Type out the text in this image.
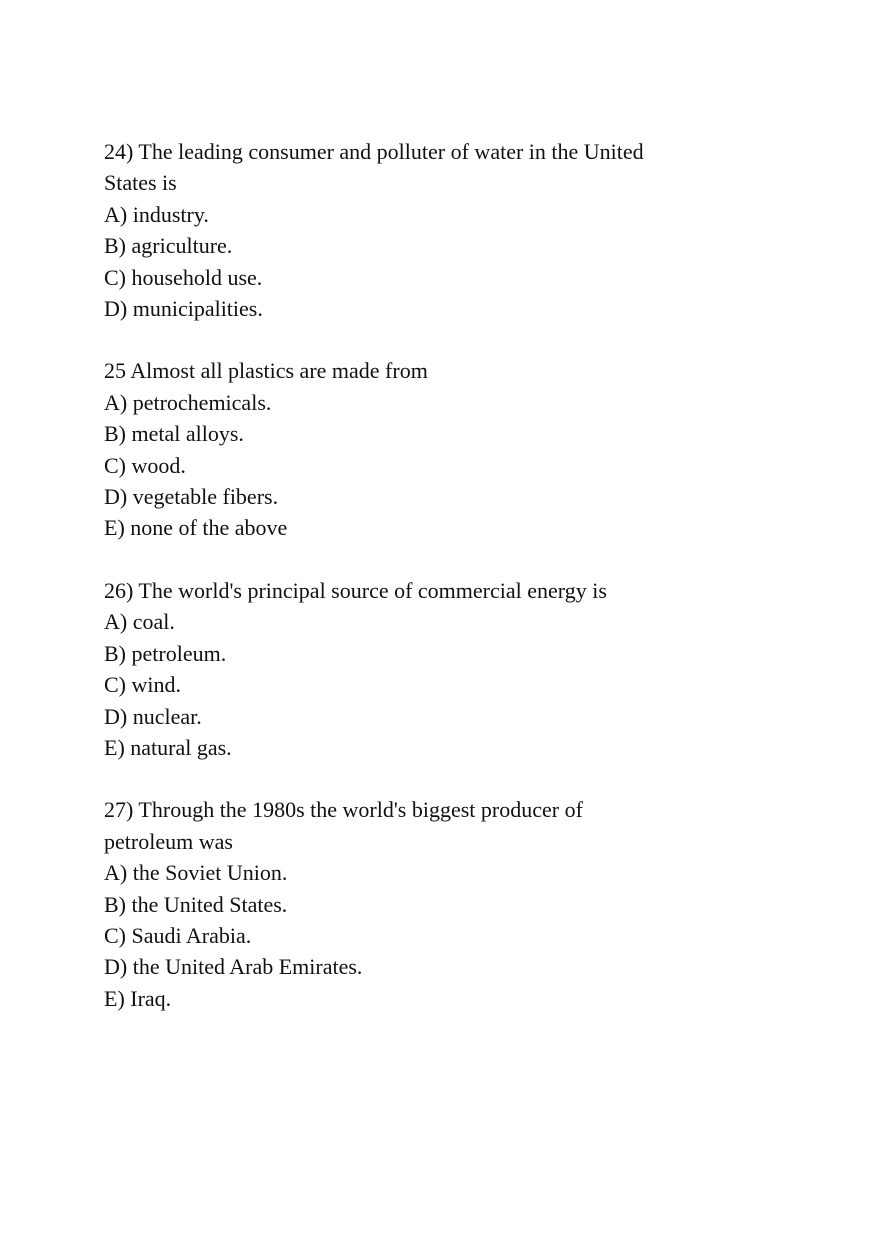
24) The leading consumer and polluter of water in the United
States is
A) industry.
B) agriculture.
C) household use.
D) municipalities.
25 Almost all plastics are made from
A) petrochemicals.
B) metal alloys.
C) wood.
D) vegetable fibers.
E) none of the above
26) The world's principal source of commercial energy is
A) coal.
B) petroleum.
C) wind.
D) nuclear.
E) natural gas.
27) Through the 1980s the world's biggest producer of
petroleum was
A) the Soviet Union.
B) the United States.
C) Saudi Arabia.
D) the United Arab Emirates.
E) Iraq.
